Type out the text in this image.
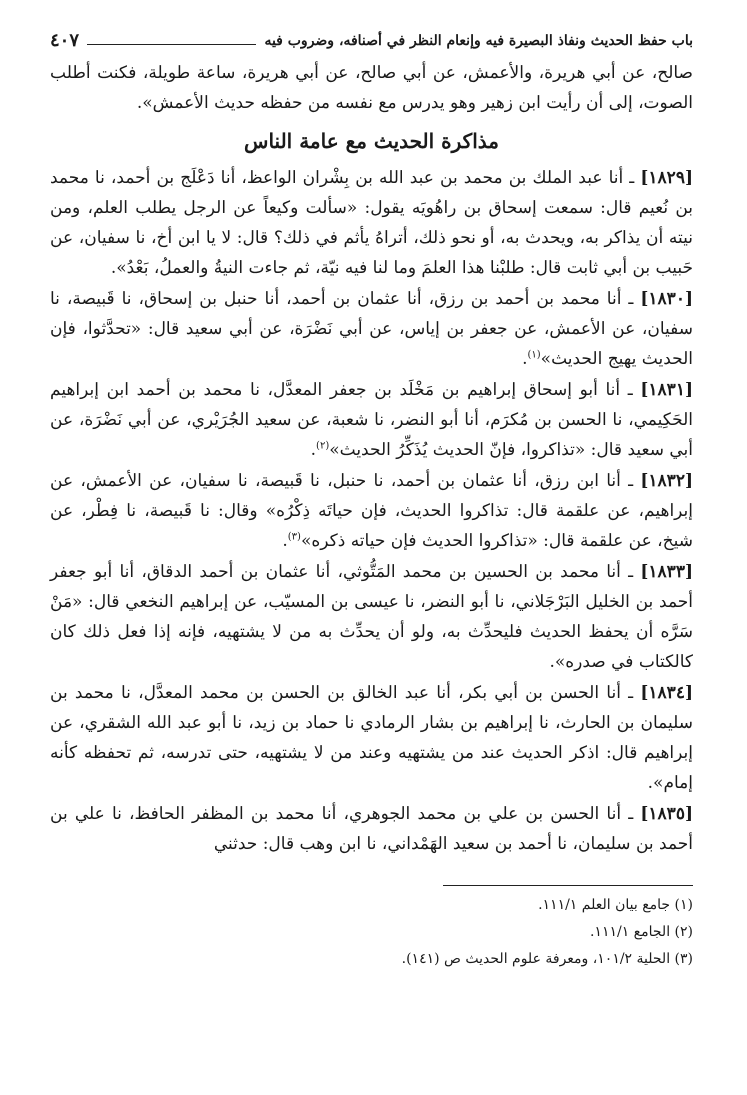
باب حفظ الحديث ونفاذ البصيرة فيه وإنعام النظر في أصنافه، وضروب فيه
٤٠٧

صالح، عن أبي هريرة، والأعمش، عن أبي صالح، عن أبي هريرة، ساعة طويلة، فكنت أطلب الصوت، إلى أن رأيت ابن زهير وهو يدرس مع نفسه من حفظه حديث الأعمش».

مذاكرة الحديث مع عامة الناس

[١٨٢٩] ـ أنا عبد الملك بن محمد بن عبد الله بن بِشْران الواعظ، أنا دَعْلَج بن أحمد، نا محمد بن نُعيم قال: سمعت إسحاق بن راهُويَه يقول: «سألت وكيعاً عن الرجل يطلب العلم، ومن نيته أن يذاكر به، ويحدث به، أو نحو ذلك، أتراهُ يأثم في ذلك؟ قال: لا يا ابن أخ، نا سفيان، عن حَبيب بن أبي ثابت قال: طلبْنا هذا العلمَ وما لنا فيه نيّة، ثم جاءت النيةُ والعملُ، بَعْدُ».

[١٨٣٠] ـ أنا محمد بن أحمد بن رزق، أنا عثمان بن أحمد، أنا حنبل بن إسحاق، نا قَبيصة، نا سفيان، عن الأعمش، عن جعفر بن إياس، عن أبي نَضْرَة، عن أبي سعيد قال: «تحدَّثوا، فإن الحديث يهيج الحديث»$^{(١)}$.

[١٨٣١] ـ أنا أبو إسحاق إبراهيم بن مَخْلَد بن جعفر المعدَّل، نا محمد بن أحمد ابن إبراهيم الحَكِيمي، نا الحسن بن مُكرَم، أنا أبو النضر، نا شعبة، عن سعيد الجُرَيْري، عن أبي نَضْرَة، عن أبي سعيد قال: «تذاكروا، فإنّ الحديث يُذَكِّرُ الحديث»$^{(٢)}$.

[١٨٣٢] ـ أنا ابن رزق، أنا عثمان بن أحمد، نا حنبل، نا قَبيصة، نا سفيان، عن الأعمش، عن إبراهيم، عن علقمة قال: تذاكروا الحديث، فإن حياتَه ذِكْرُه» وقال: نا قَبيصة، نا فِطْر، عن شيخ، عن علقمة قال: «تذاكروا الحديث فإن حياته ذكره»$^{(٣)}$.

[١٨٣٣] ـ أنا محمد بن الحسين بن محمد المَتُّوثي، أنا عثمان بن أحمد الدقاق، أنا أبو جعفر أحمد بن الخليل البَرْجَلاني، نا أبو النضر، نا عيسى بن المسيّب، عن إبراهيم النخعي قال: «مَنْ سَرَّه أن يحفظ الحديث فليحدِّث به، ولو أن يحدِّث به من لا يشتهيه، فإنه إذا فعل ذلك كان كالكتاب في صدره».

[١٨٣٤] ـ أنا الحسن بن أبي بكر، أنا عبد الخالق بن الحسن بن محمد المعدَّل، نا محمد بن سليمان بن الحارث، نا إبراهيم بن بشار الرمادي نا حماد بن زيد، نا أبو عبد الله الشقري، عن إبراهيم قال: اذكر الحديث عند من يشتهيه وعند من لا يشتهيه، حتى تدرسه، ثم تحفظه كأنه إمام».

[١٨٣٥] ـ أنا الحسن بن علي بن محمد الجوهري، أنا محمد بن المظفر الحافظ، نا علي بن أحمد بن سليمان، نا أحمد بن سعيد الهَمْداني، نا ابن وهب قال: حدثني

(١) جامع بيان العلم ١١١/١.
(٢) الجامع ١١١/١.
(٣) الحلية ١٠١/٢، ومعرفة علوم الحديث ص (١٤١).
